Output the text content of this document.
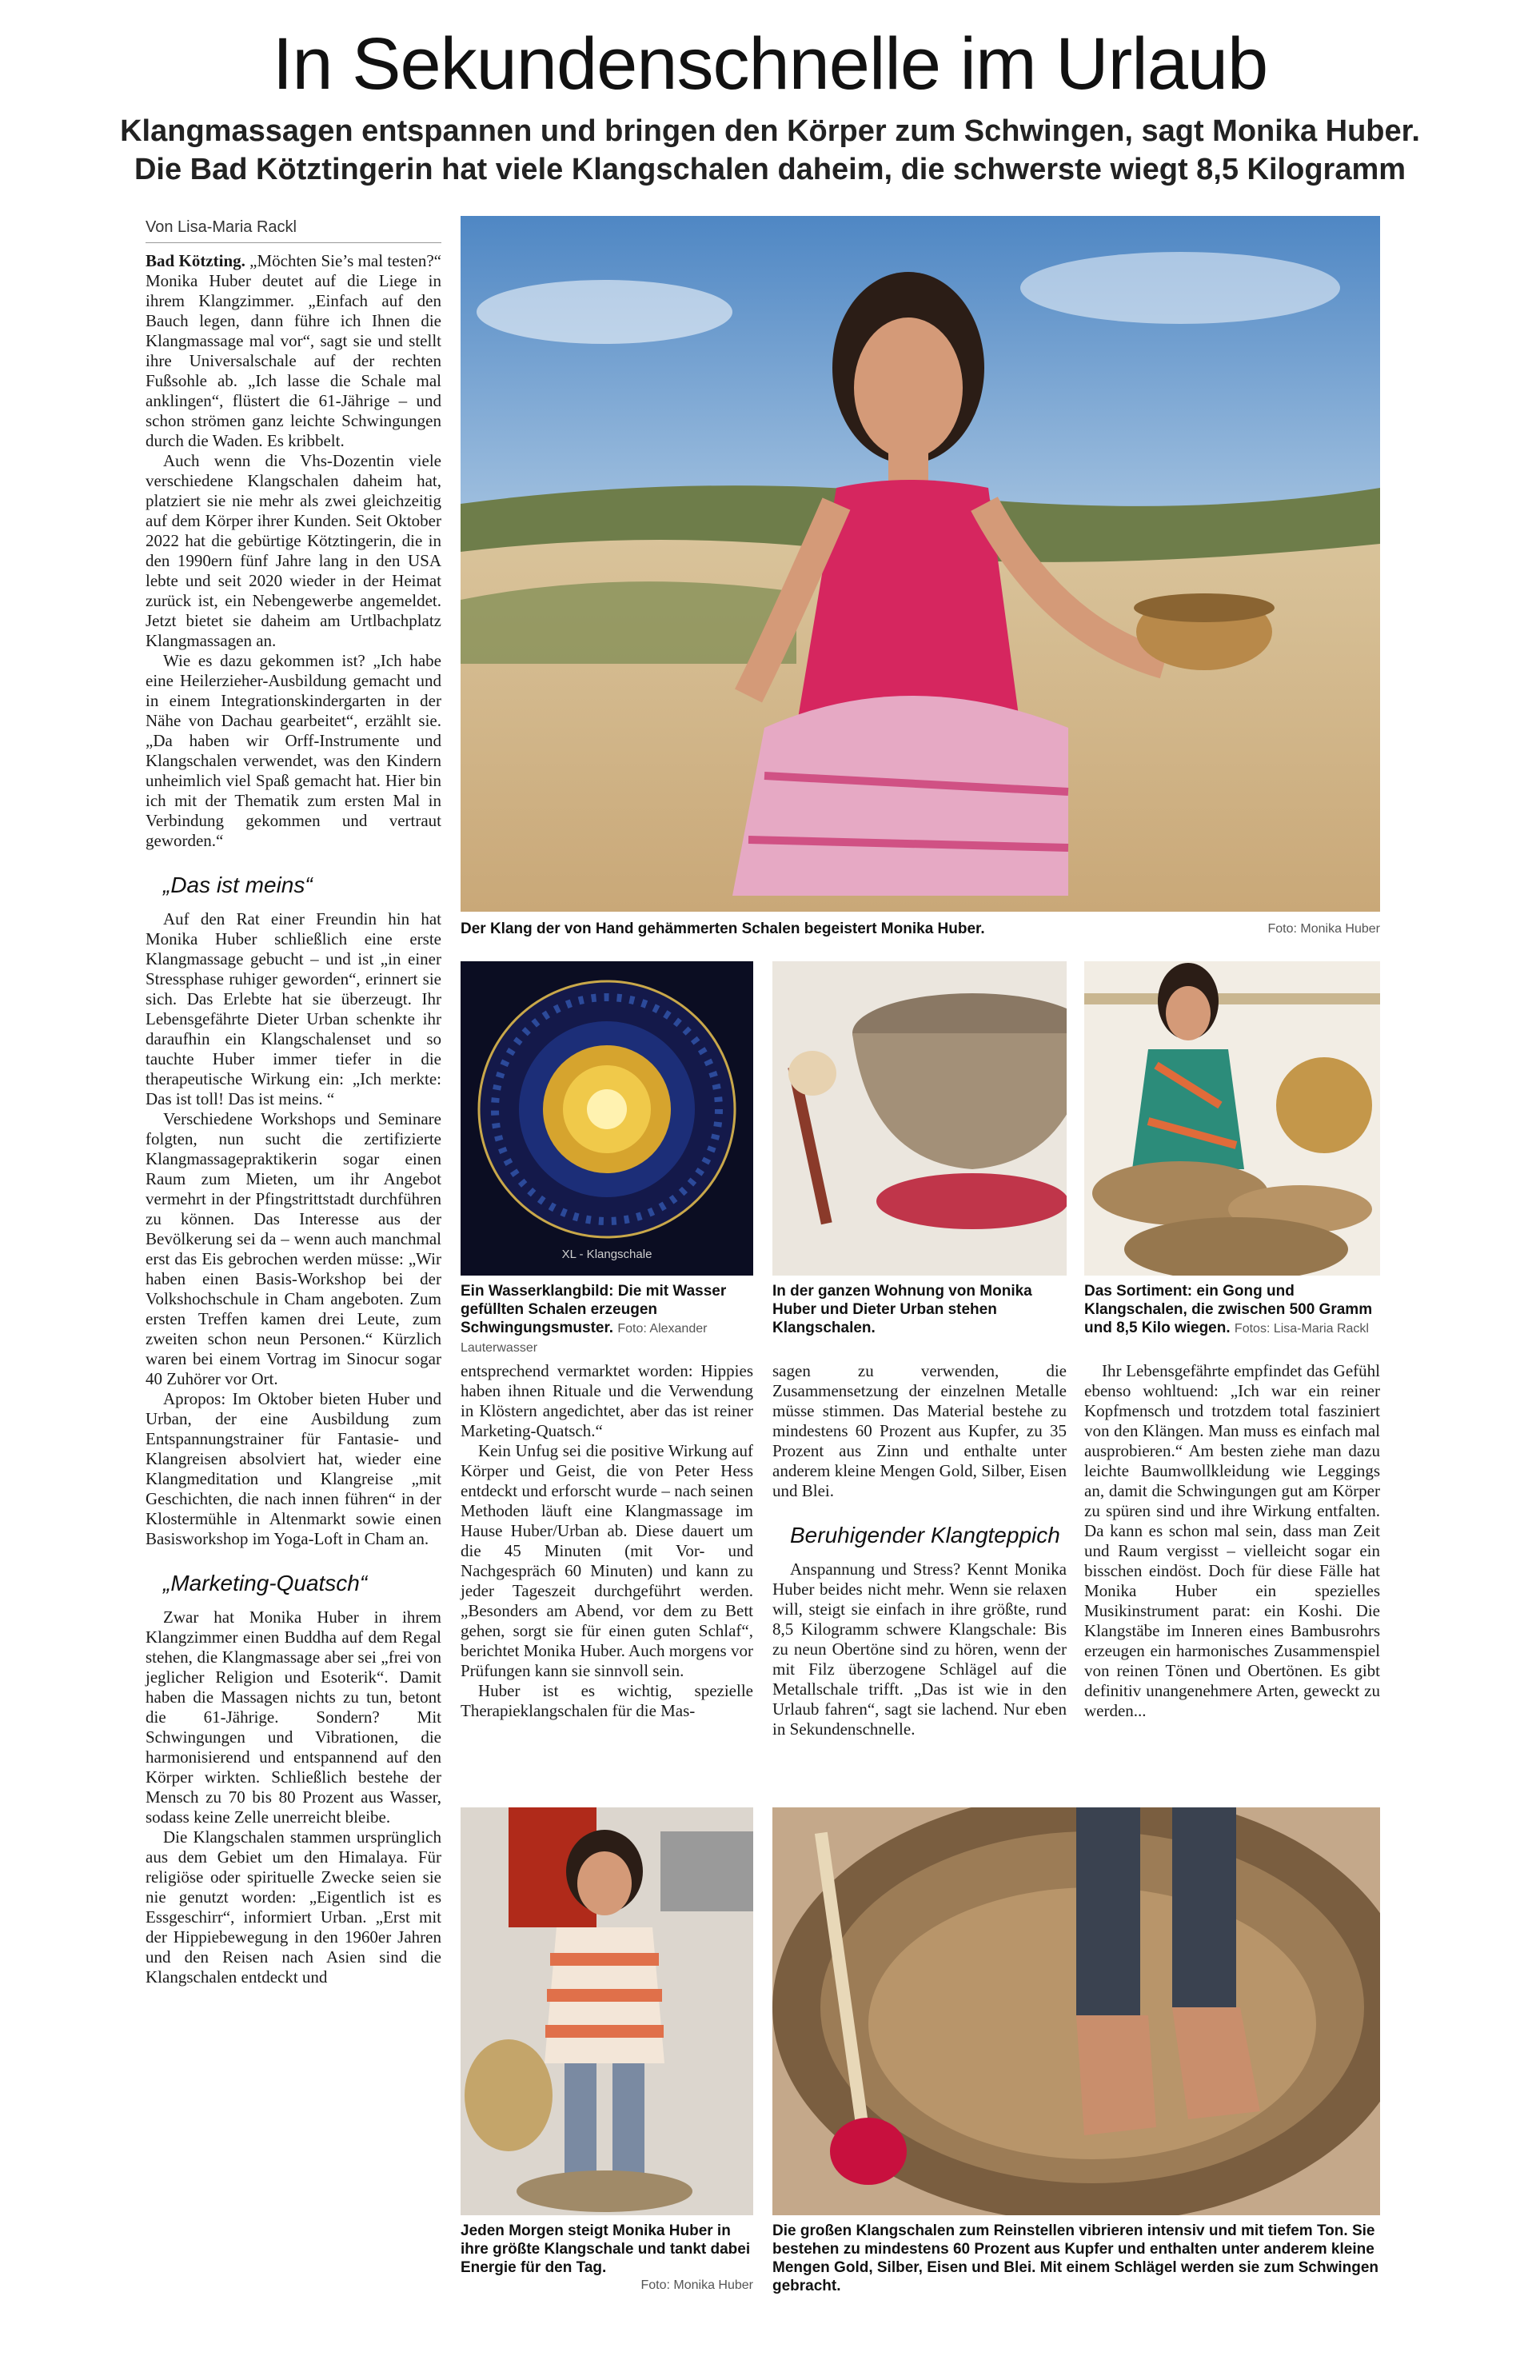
In Sekundenschnelle im Urlaub
Klangmassagen entspannen und bringen den Körper zum Schwingen, sagt Monika Huber.
Die Bad Kötztingerin hat viele Klangschalen daheim, die schwerste wiegt 8,5 Kilogramm
Von Lisa-Maria Rackl

Bad Kötzting. „Möchten Sie’s mal testen?“ Monika Huber deutet auf die Liege in ihrem Klangzimmer. „Einfach auf den Bauch legen, dann führe ich Ihnen die Klangmassage mal vor“, sagt sie und stellt ihre Universalschale auf der rechten Fußsohle ab. „Ich lasse die Schale mal anklingen“, flüstert die 61-Jährige – und schon strömen ganz leichte Schwingungen durch die Waden. Es kribbelt.

Auch wenn die Vhs-Dozentin viele verschiedene Klangschalen daheim hat, platziert sie nie mehr als zwei gleichzeitig auf dem Körper ihrer Kunden. Seit Oktober 2022 hat die gebürtige Kötztingerin, die in den 1990ern fünf Jahre lang in den USA lebte und seit 2020 wieder in der Heimat zurück ist, ein Nebengewerbe angemeldet. Jetzt bietet sie daheim am Urtlbachplatz Klangmassagen an.

Wie es dazu gekommen ist? „Ich habe eine Heilerzieher-Ausbildung gemacht und in einem Integrationskindergarten in der Nähe von Dachau gearbeitet“, erzählt sie. „Da haben wir Orff-Instrumente und Klangschalen verwendet, was den Kindern unheimlich viel Spaß gemacht hat. Hier bin ich mit der Thematik zum ersten Mal in Verbindung gekommen und vertraut geworden.“

„Das ist meins“

Auf den Rat einer Freundin hin hat Monika Huber schließlich eine erste Klangmassage gebucht – und ist „in einer Stressphase ruhiger geworden“, erinnert sie sich. Das Erlebte hat sie überzeugt. Ihr Lebensgefährte Dieter Urban schenkte ihr daraufhin ein Klangschalenset und so tauchte Huber immer tiefer in die therapeutische Wirkung ein: „Ich merkte: Das ist toll! Das ist meins. “

Verschiedene Workshops und Seminare folgten, nun sucht die zertifizierte Klangmassagepraktikerin sogar einen Raum zum Mieten, um ihr Angebot vermehrt in der Pfingstrittstadt durchführen zu können. Das Interesse aus der Bevölkerung sei da – wenn auch manchmal erst das Eis gebrochen werden müsse: „Wir haben einen Basis-Workshop bei der Volkshochschule in Cham angeboten. Zum ersten Treffen kamen drei Leute, zum zweiten schon neun Personen.“ Kürzlich waren bei einem Vortrag im Sinocur sogar 40 Zuhörer vor Ort.

Apropos: Im Oktober bieten Huber und Urban, der eine Ausbildung zum Entspannungstrainer für Fantasie- und Klangreisen absolviert hat, wieder eine Klangmeditation und Klangreise „mit Geschichten, die nach innen führen“ in der Klostermühle in Altenmarkt sowie einen Basisworkshop im Yoga-Loft in Cham an.

„Marketing-Quatsch“

Zwar hat Monika Huber in ihrem Klangzimmer einen Buddha auf dem Regal stehen, die Klangmassage aber sei „frei von jeglicher Religion und Esoterik“. Damit haben die Massagen nichts zu tun, betont die 61-Jährige. Sondern? Mit Schwingungen und Vibrationen, die harmonisierend und entspannend auf den Körper wirkten. Schließlich bestehe der Mensch zu 70 bis 80 Prozent aus Wasser, sodass keine Zelle unerreicht bleibe.

Die Klangschalen stammen ursprünglich aus dem Gebiet um den Himalaya. Für religiöse oder spirituelle Zwecke seien sie nie genutzt worden: „Eigentlich ist es Essgeschirr“, informiert Urban. „Erst mit der Hippiebewegung in den 1960er Jahren und den Reisen nach Asien sind die Klangschalen entdeckt und

Der Klang der von Hand gehämmerten Schalen begeistert Monika Huber.	Foto: Monika Huber
XL - Klangschale
Ein Wasserklangbild: Die mit Wasser gefüllten Schalen erzeugen Schwingungsmuster. Foto: Alexander Lauterwasser
In der ganzen Wohnung von Monika Huber und Dieter Urban stehen Klangschalen.
Das Sortiment: ein Gong und Klangschalen, die zwischen 500 Gramm und 8,5 Kilo wiegen. Fotos: Lisa-Maria Rackl

entsprechend vermarktet worden: Hippies haben ihnen Rituale und die Verwendung in Klöstern angedichtet, aber das ist reiner Marketing-Quatsch.“

Kein Unfug sei die positive Wirkung auf Körper und Geist, die von Peter Hess entdeckt und erforscht wurde – nach seinen Methoden läuft eine Klangmassage im Hause Huber/Urban ab. Diese dauert um die 45 Minuten (mit Vor- und Nachgespräch 60 Minuten) und kann zu jeder Tageszeit durchgeführt werden. „Besonders am Abend, vor dem zu Bett gehen, sorgt sie für einen guten Schlaf“, berichtet Monika Huber. Auch morgens vor Prüfungen kann sie sinnvoll sein.

Huber ist es wichtig, spezielle Therapieklangschalen für die Mas-

sagen zu verwenden, die Zusammensetzung der einzelnen Metalle müsse stimmen. Das Material bestehe zu mindestens 60 Prozent aus Kupfer, zu 35 Prozent aus Zinn und enthalte unter anderem kleine Mengen Gold, Silber, Eisen und Blei.

Beruhigender Klangteppich

Anspannung und Stress? Kennt Monika Huber beides nicht mehr. Wenn sie relaxen will, steigt sie einfach in ihre größte, rund 8,5 Kilogramm schwere Klangschale: Bis zu neun Obertöne sind zu hören, wenn der mit Filz überzogene Schlägel auf die Metallschale trifft. „Das ist wie in den Urlaub fahren“, sagt sie lachend. Nur eben in Sekundenschnelle.

Ihr Lebensgefährte empfindet das Gefühl ebenso wohltuend: „Ich war ein reiner Kopfmensch und trotzdem total fasziniert von den Klängen. Man muss es einfach mal ausprobieren.“ Am besten ziehe man dazu leichte Baumwollkleidung wie Leggings an, damit die Schwingungen gut am Körper zu spüren sind und ihre Wirkung entfalten. Da kann es schon mal sein, dass man Zeit und Raum vergisst – vielleicht sogar ein bisschen eindöst. Doch für diese Fälle hat Monika Huber ein spezielles Musikinstrument parat: ein Koshi. Die Klangstäbe im Inneren eines Bambusrohrs erzeugen ein harmonisches Zusammenspiel von reinen Tönen und Obertönen. Es gibt definitiv unangenehmere Arten, geweckt zu werden...

Jeden Morgen steigt Monika Huber in ihre größte Klangschale und tankt dabei Energie für den Tag.
Foto: Monika Huber
Die großen Klangschalen zum Reinstellen vibrieren intensiv und mit tiefem Ton. Sie bestehen zu mindestens 60 Prozent aus Kupfer und enthalten unter anderem kleine Mengen Gold, Silber, Eisen und Blei. Mit einem Schlägel werden sie zum Schwingen gebracht.
